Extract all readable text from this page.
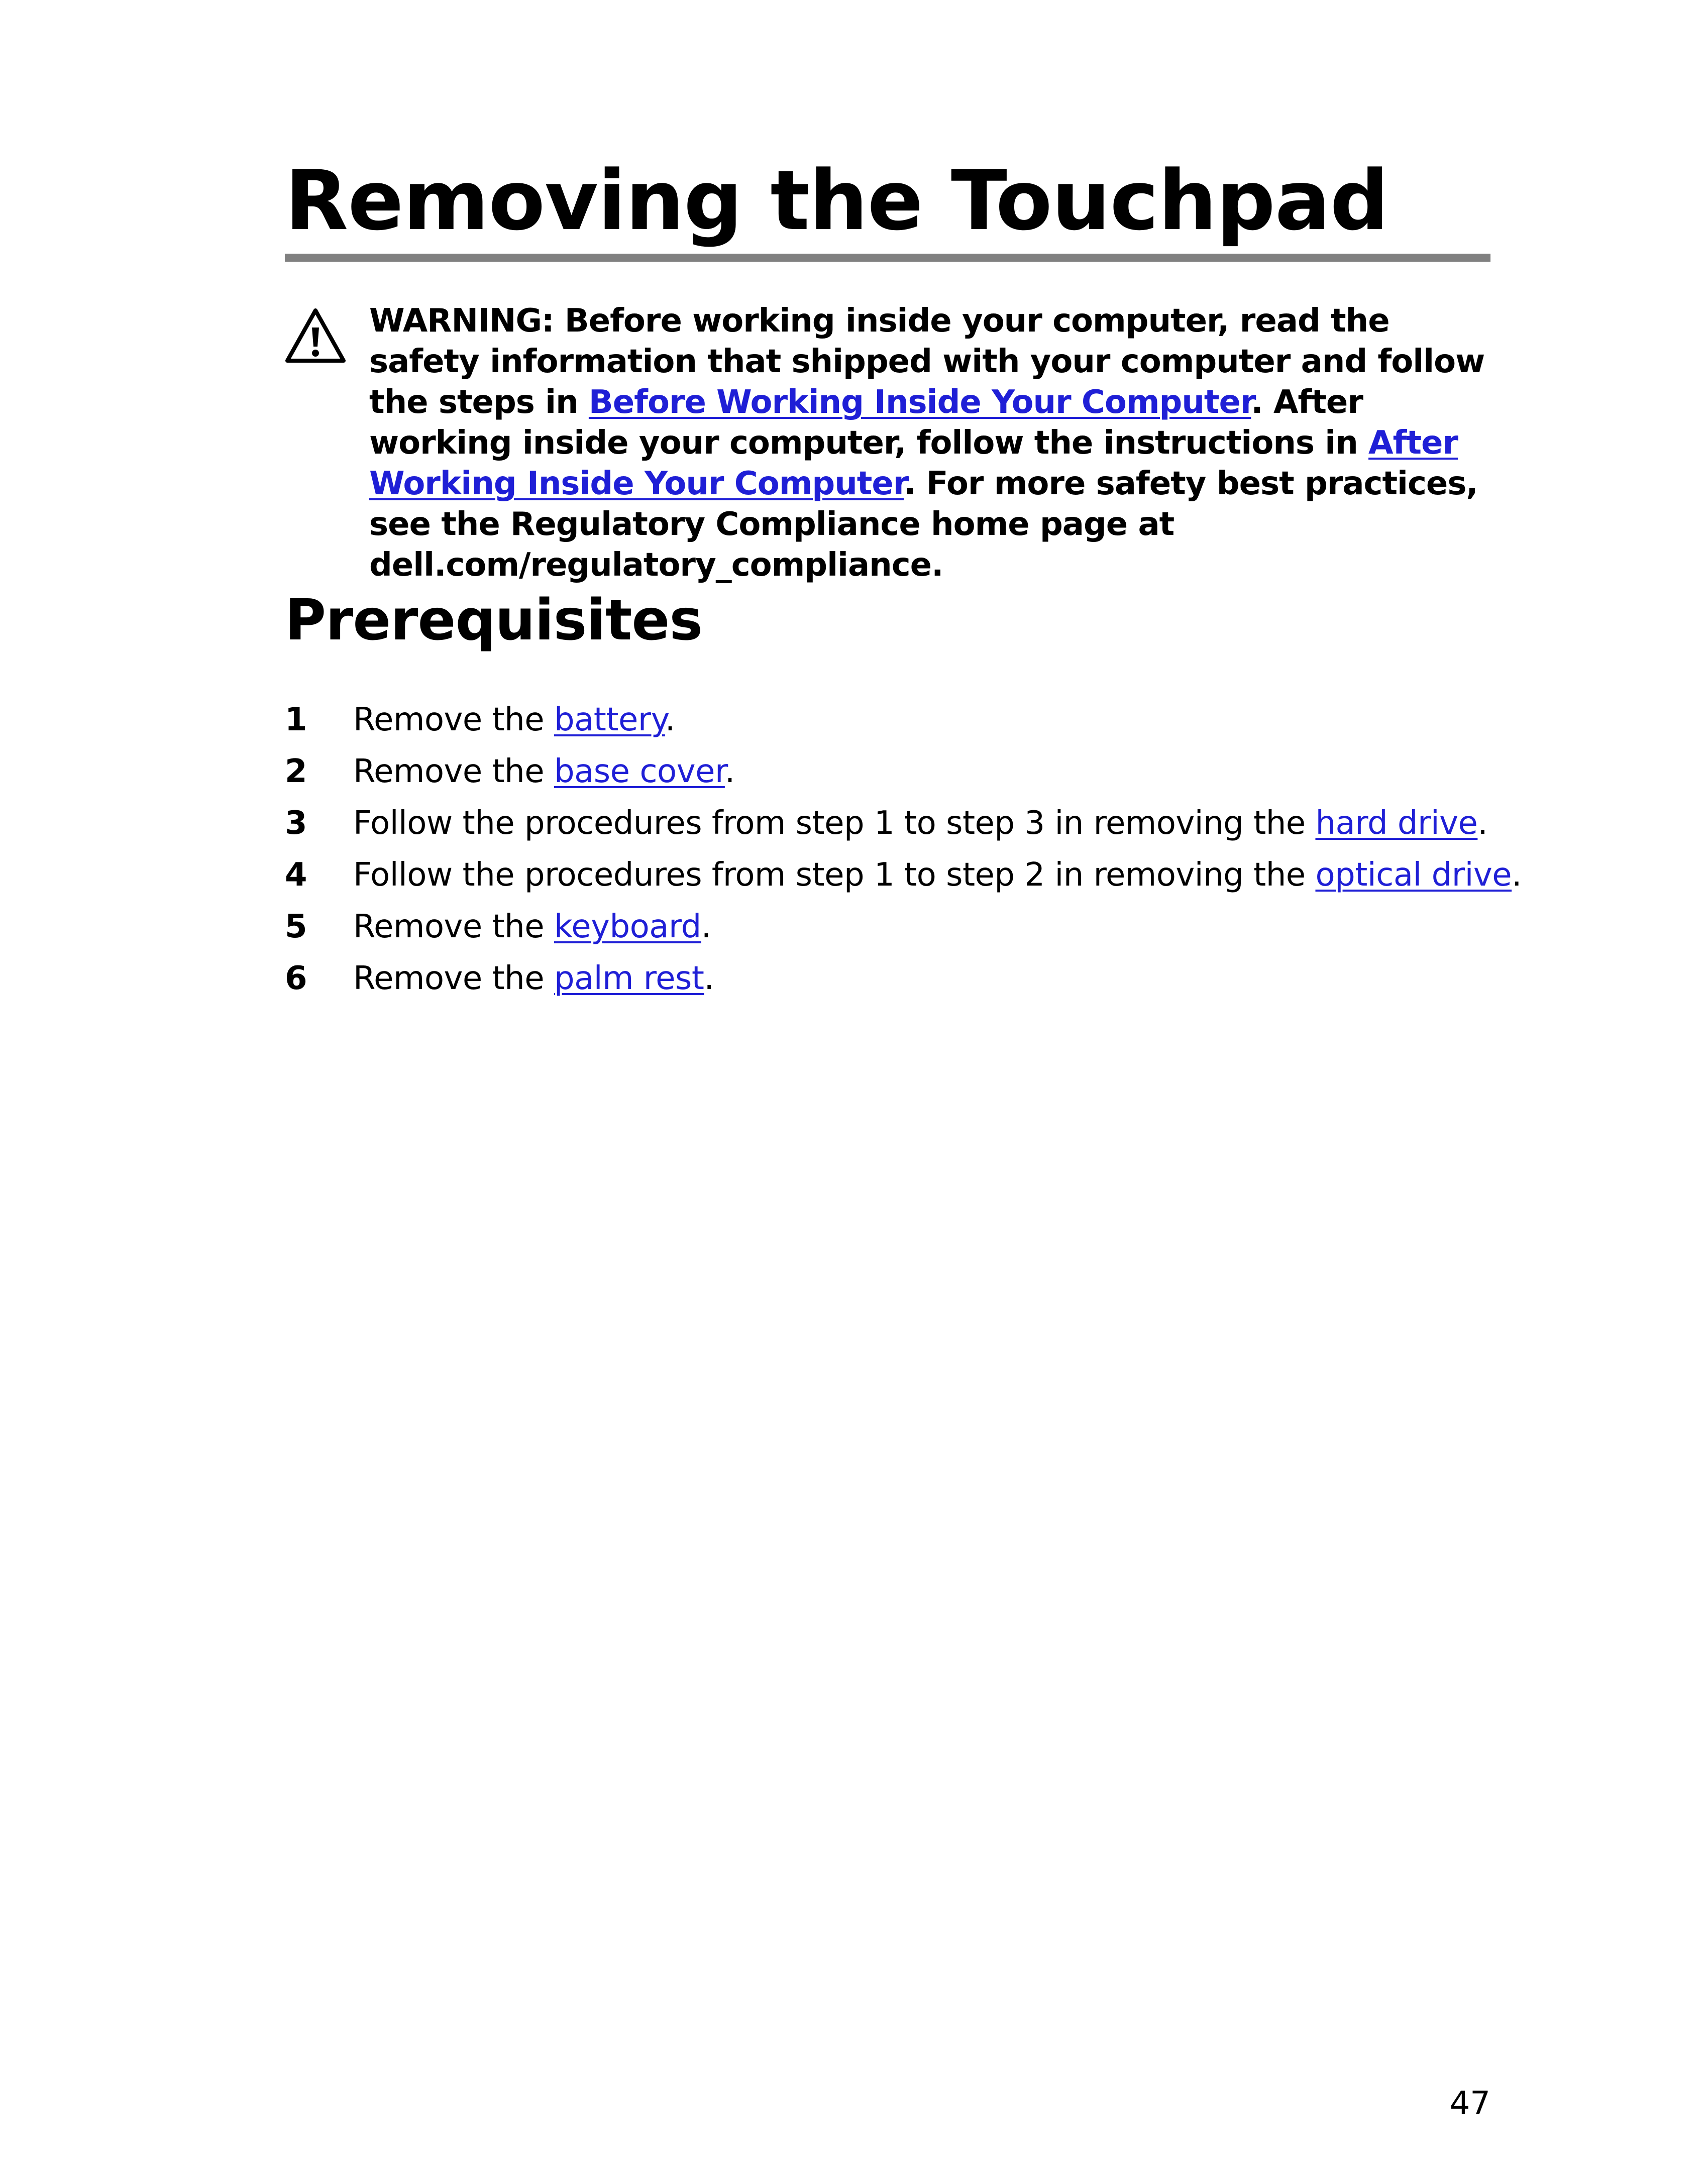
Removing the Touchpad

WARNING: Before working inside your computer, read the safety information that shipped with your computer and follow the steps in Before Working Inside Your Computer. After working inside your computer, follow the instructions in After Working Inside Your Computer. For more safety best practices, see the Regulatory Compliance home page at dell.com/regulatory_compliance.

Prerequisites
1 Remove the battery.
2 Remove the base cover.
3 Follow the procedures from step 1 to step 3 in removing the hard drive.
4 Follow the procedures from step 1 to step 2 in removing the optical drive.
5 Remove the keyboard.
6 Remove the palm rest.
47
